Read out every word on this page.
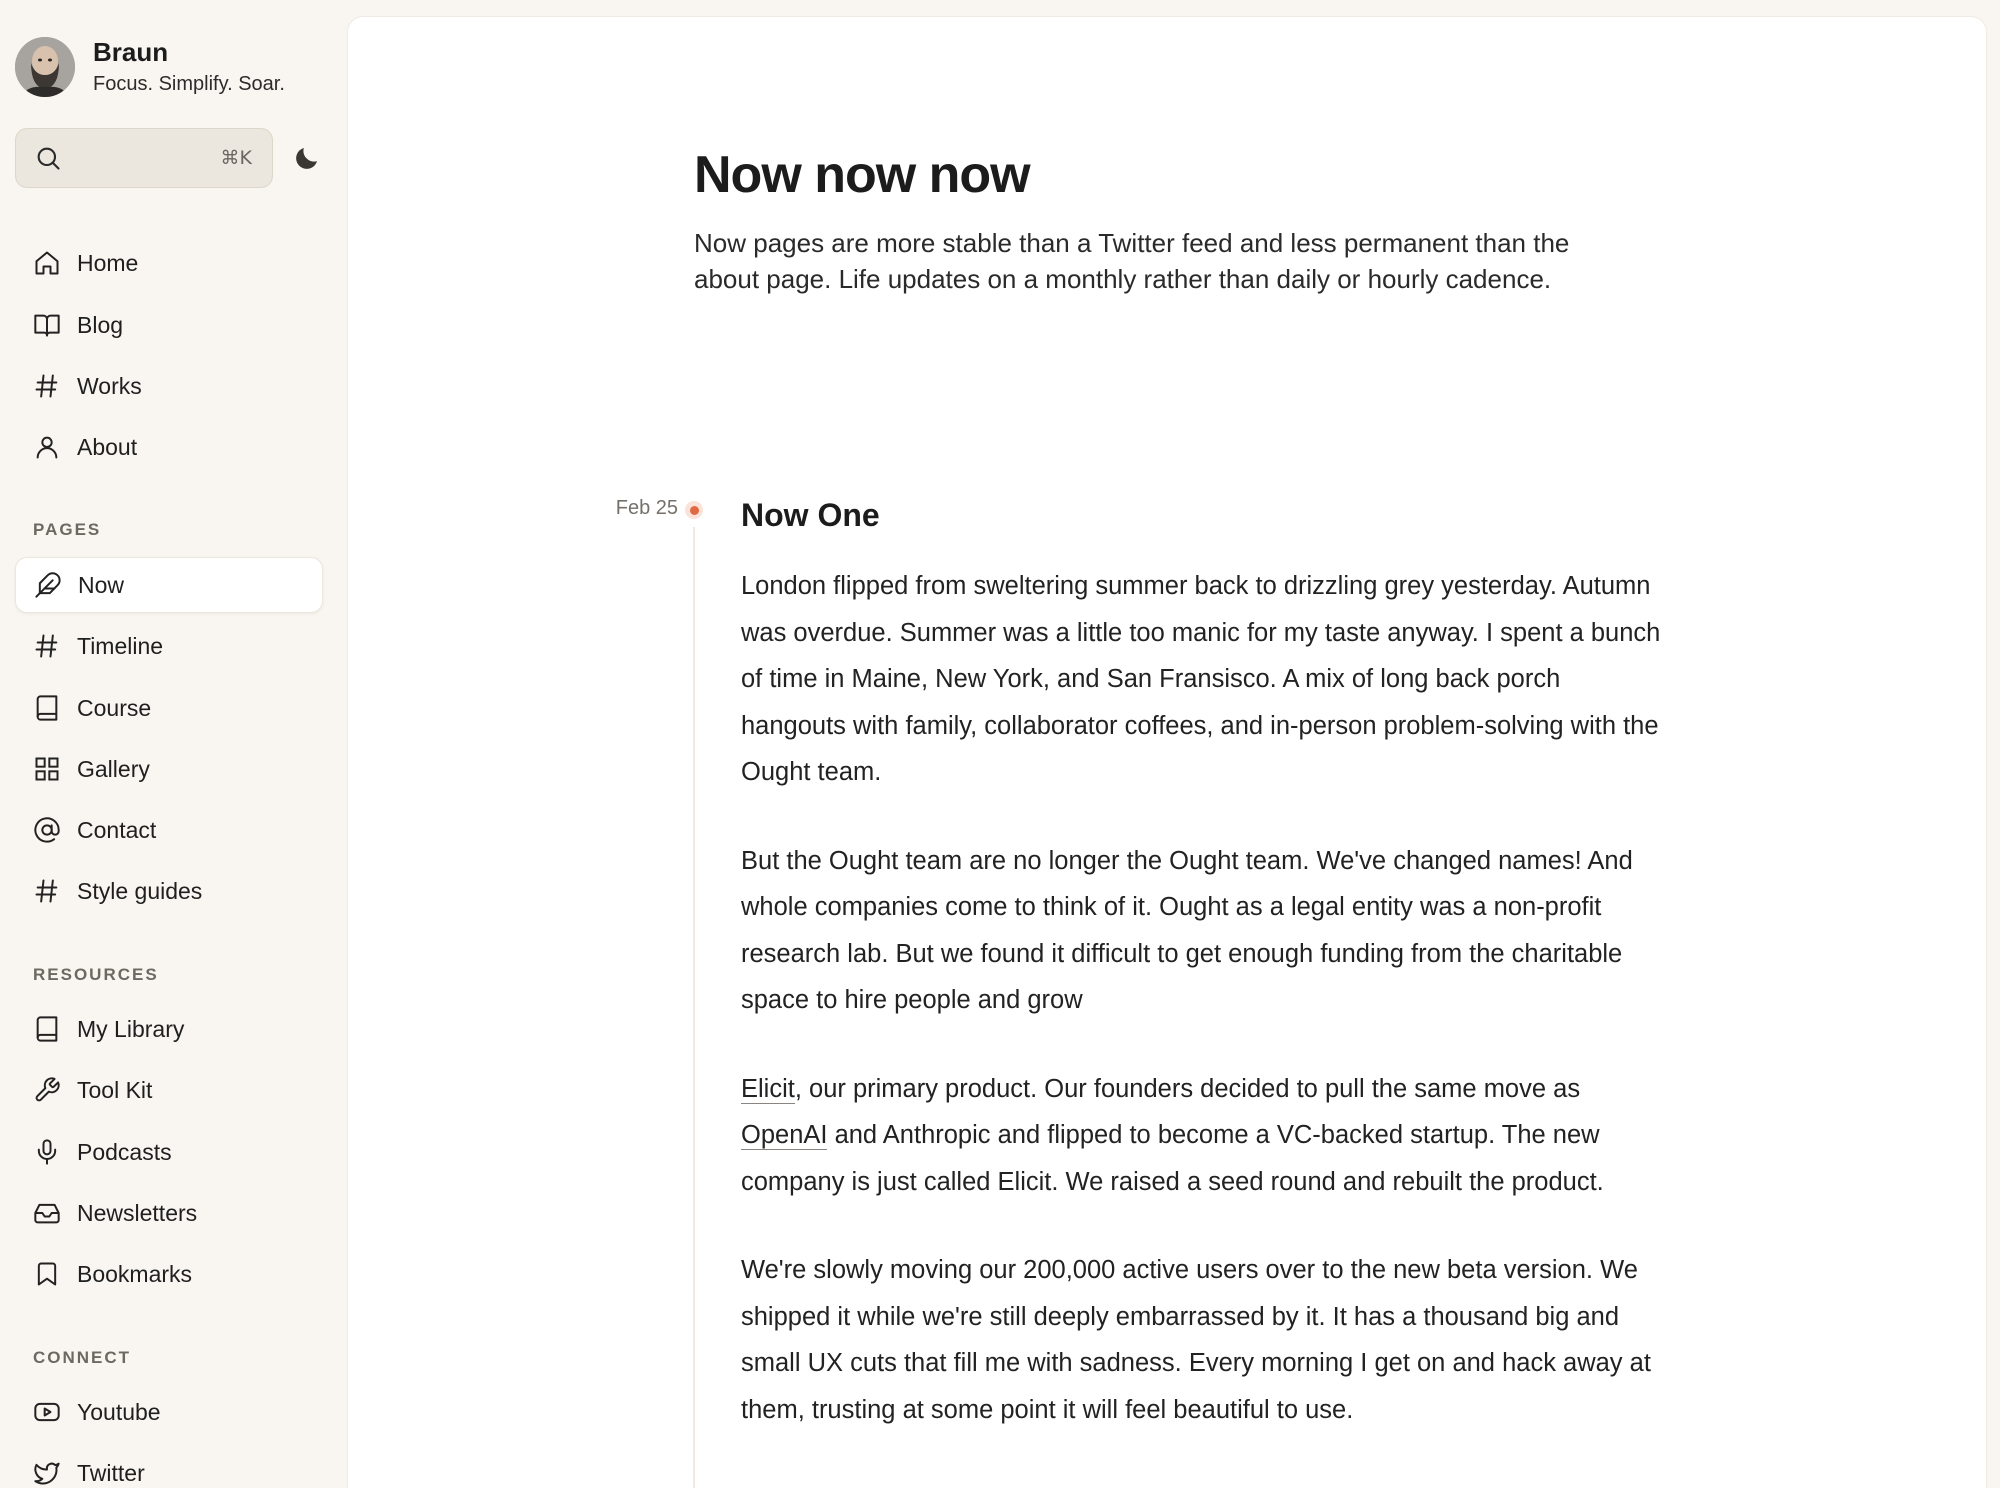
Braun
Focus. Simplify. Soar.
⌘K
Home
Blog
Works
About
PAGES
Now
Timeline
Course
Gallery
Contact
Style guides
RESOURCES
My Library
Tool Kit
Podcasts
Newsletters
Bookmarks
CONNECT
Youtube
Twitter
Now now now

Now pages are more stable than a Twitter feed and less permanent than the about page. Life updates on a monthly rather than daily or hourly cadence.

Feb 25 Now One

London flipped from sweltering summer back to drizzling grey yesterday. Autumn was overdue. Summer was a little too manic for my taste anyway. I spent a bunch of time in Maine, New York, and San Fransisco. A mix of long back porch hangouts with family, collaborator coffees, and in-person problem-solving with the Ought team.

But the Ought team are no longer the Ought team. We've changed names! And whole companies come to think of it. Ought as a legal entity was a non-profit research lab. But we found it difficult to get enough funding from the charitable space to hire people and grow

Elicit, our primary product. Our founders decided to pull the same move as OpenAI and Anthropic and flipped to become a VC-backed startup. The new company is just called Elicit. We raised a seed round and rebuilt the product.

We're slowly moving our 200,000 active users over to the new beta version. We shipped it while we're still deeply embarrassed by it. It has a thousand big and small UX cuts that fill me with sadness. Every morning I get on and hack away at them, trusting at some point it will feel beautiful to use.
